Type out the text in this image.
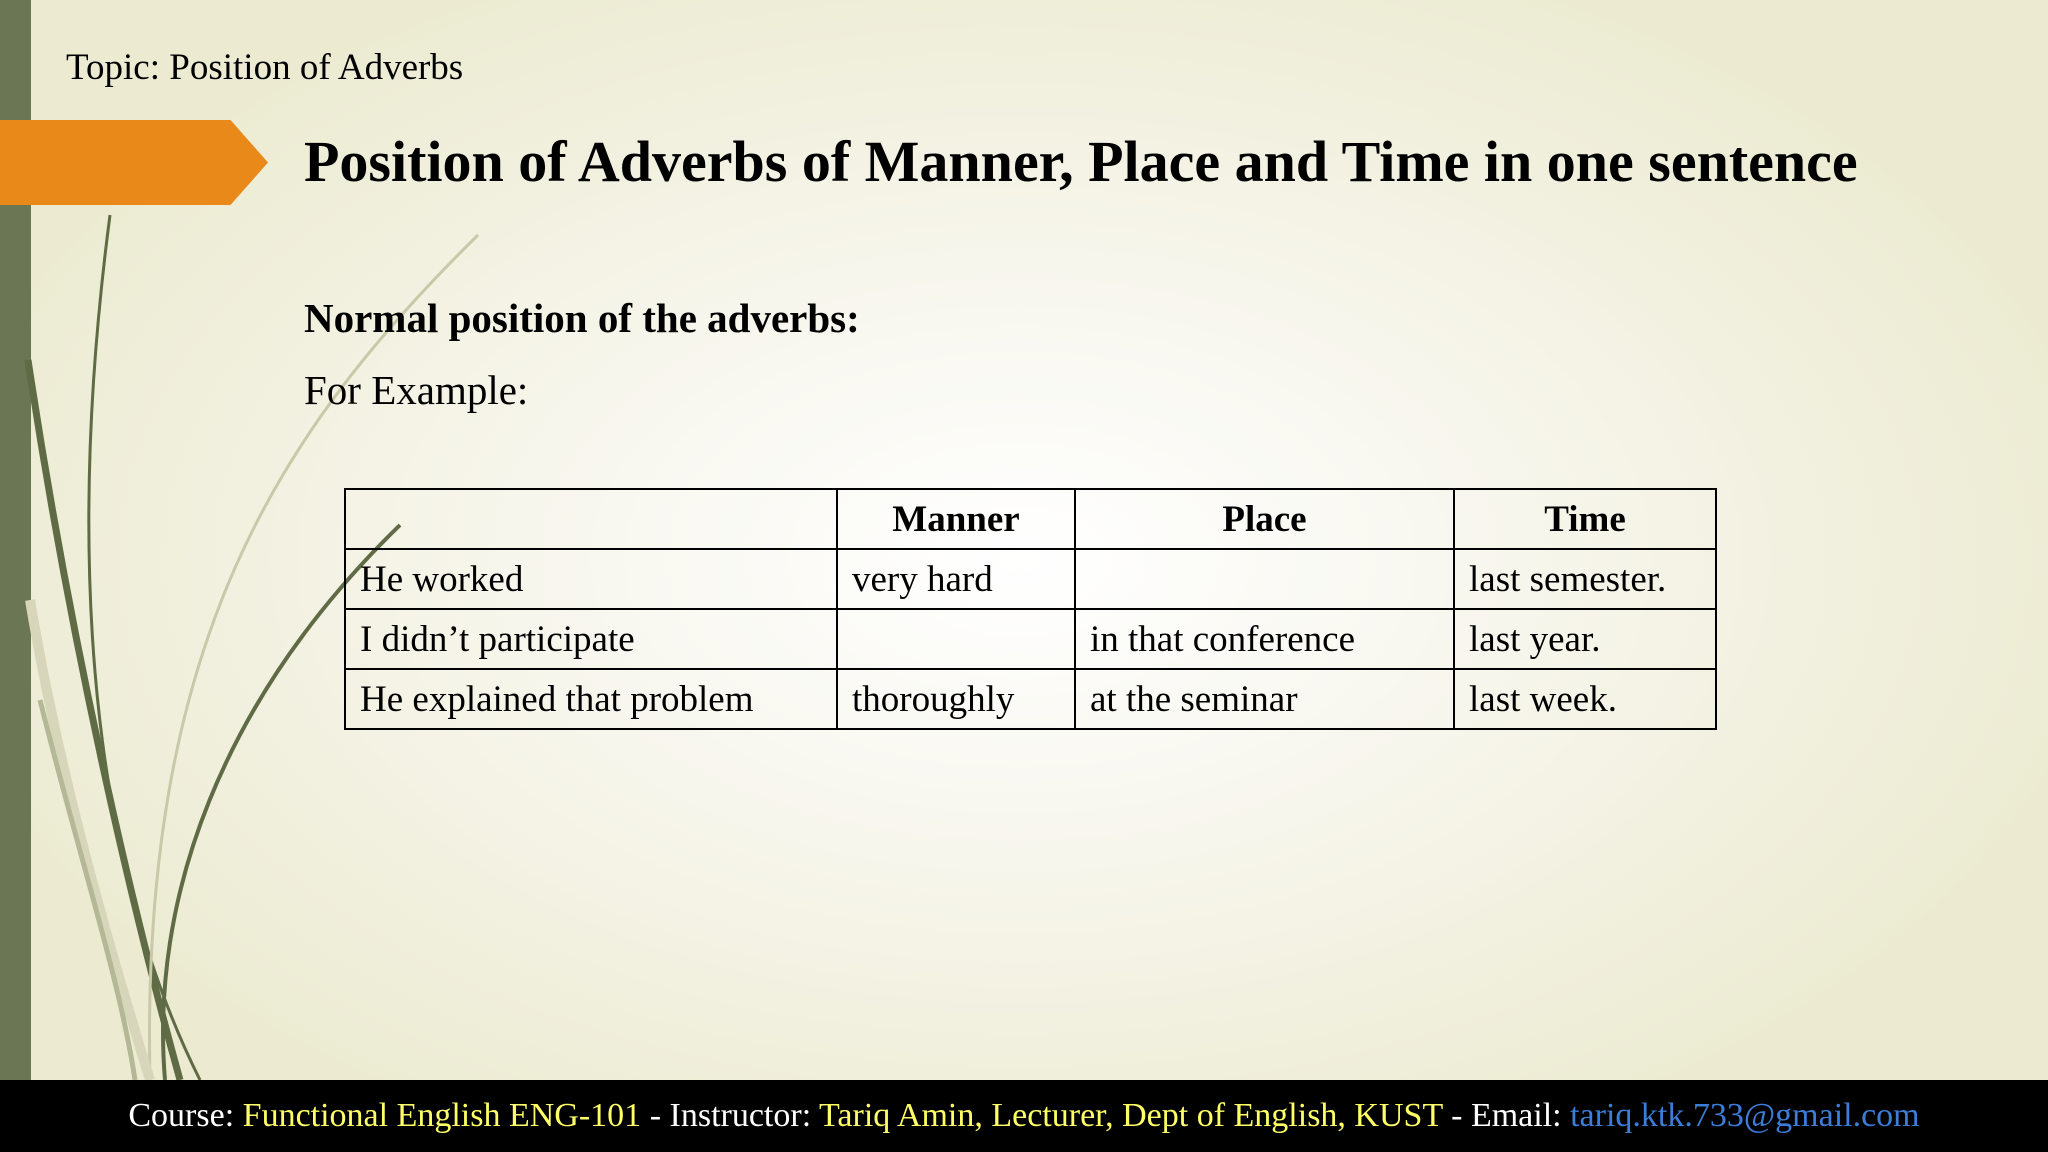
Topic: Position of Adverbs
Position of Adverbs of Manner, Place and Time in one sentence
Normal position of the adverbs:
For Example:
	Manner	Place	Time
He worked	very hard		last semester.
I didn’t participate		in that conference	last year.
He explained that problem	thoroughly	at the seminar	last week.
Course: Functional English ENG-101 - Instructor: Tariq Amin, Lecturer, Dept of English, KUST - Email: tariq.ktk.733@gmail.com
